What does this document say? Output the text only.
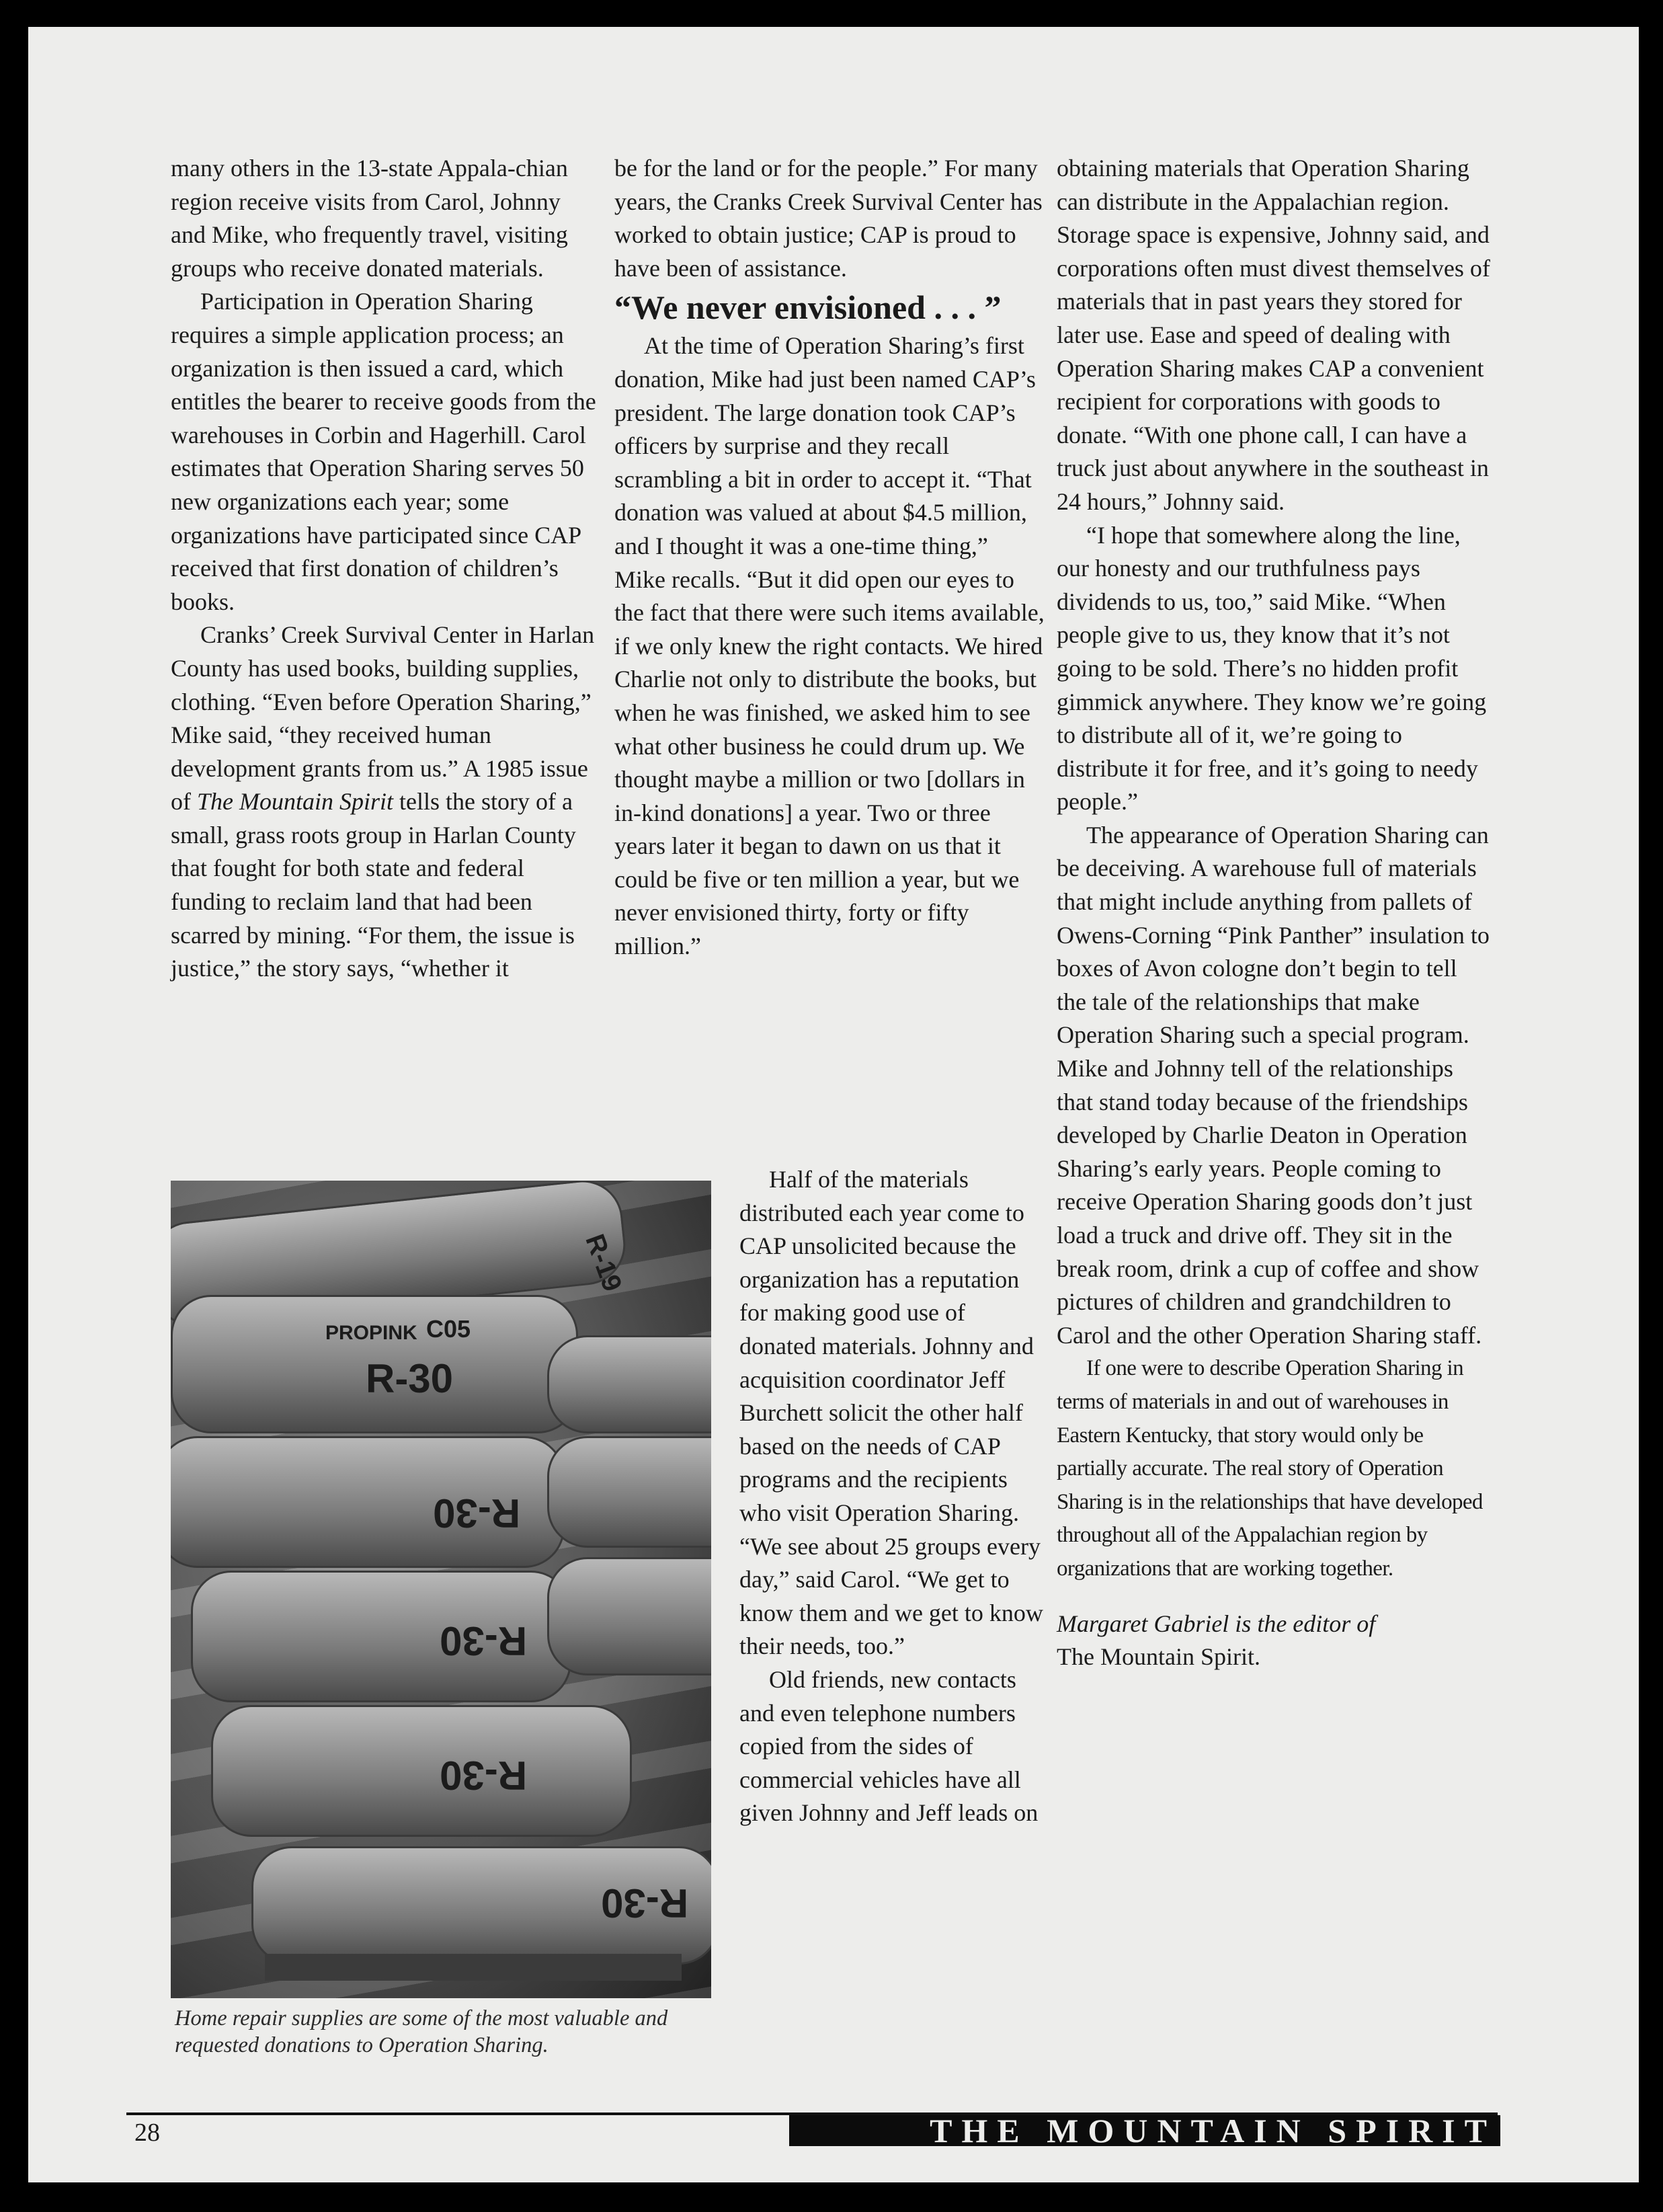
many others in the 13-state Appala-chian region receive visits from Carol, Johnny and Mike, who frequently travel, visiting groups who receive donated materials.

Participation in Operation Sharing requires a simple application process; an organization is then issued a card, which entitles the bearer to receive goods from the warehouses in Corbin and Hagerhill. Carol estimates that Operation Sharing serves 50 new organizations each year; some organizations have participated since CAP received that first donation of children’s books.

Cranks’ Creek Survival Center in Harlan County has used books, building supplies, clothing. “Even before Operation Sharing,” Mike said, “they received human development grants from us.” A 1985 issue of The Mountain Spirit tells the story of a small, grass roots group in Harlan County that fought for both state and federal funding to reclaim land that had been scarred by mining. “For them, the issue is justice,” the story says, “whether it

be for the land or for the people.” For many years, the Cranks Creek Survival Center has worked to obtain justice; CAP is proud to have been of assistance.

“We never envisioned . . . ”

At the time of Operation Sharing’s first donation, Mike had just been named CAP’s president. The large donation took CAP’s officers by surprise and they recall scrambling a bit in order to accept it. “That donation was valued at about $4.5 million, and I thought it was a one-time thing,” Mike recalls. “But it did open our eyes to the fact that there were such items available, if we only knew the right contacts. We hired Charlie not only to distribute the books, but when he was finished, we asked him to see what other business he could drum up. We thought maybe a million or two [dollars in in-kind donations] a year. Two or three years later it began to dawn on us that it could be five or ten million a year, but we never envisioned thirty, forty or fifty million.”

Half of the materials distributed each year come to CAP unsolicited because the organization has a reputation for making good use of donated materials. Johnny and acquisition coordinator Jeff Burchett solicit the other half based on the needs of CAP programs and the recipients who visit Operation Sharing. “We see about 25 groups every day,” said Carol. “We get to know them and we get to know their needs, too.”

Old friends, new contacts and even telephone numbers copied from the sides of commercial vehicles have all given Johnny and Jeff leads on

obtaining materials that Operation Sharing can distribute in the Appalachian region. Storage space is expensive, Johnny said, and corporations often must divest themselves of materials that in past years they stored for later use. Ease and speed of dealing with Operation Sharing makes CAP a convenient recipient for corporations with goods to donate. “With one phone call, I can have a truck just about anywhere in the southeast in 24 hours,” Johnny said.

“I hope that somewhere along the line, our honesty and our truthfulness pays dividends to us, too,” said Mike. “When people give to us, they know that it’s not going to be sold. There’s no hidden profit gimmick anywhere. They know we’re going to distribute all of it, we’re going to distribute it for free, and it’s going to needy people.”

The appearance of Operation Sharing can be deceiving. A warehouse full of materials that might include anything from pallets of Owens-Corning “Pink Panther” insulation to boxes of Avon cologne don’t begin to tell the tale of the relationships that make Operation Sharing such a special program. Mike and Johnny tell of the relationships that stand today because of the friendships developed by Charlie Deaton in Operation Sharing’s early years. People coming to receive Operation Sharing goods don’t just load a truck and drive off. They sit in the break room, drink a cup of coffee and show pictures of children and grandchildren to Carol and the other Operation Sharing staff.

If one were to describe Operation Sharing in terms of materials in and out of warehouses in Eastern Kentucky, that story would only be partially accurate. The real story of Operation Sharing is in the relationships that have developed throughout all of the Appalachian region by organizations that are working together.

Margaret Gabriel is the editor of
The Mountain Spirit.

R-30
R-30
R-30
R-30
R-30
R-19
PROPINK C05
Home repair supplies are some of the most valuable and requested donations to Operation Sharing.
28	THE MOUNTAIN SPIRIT
